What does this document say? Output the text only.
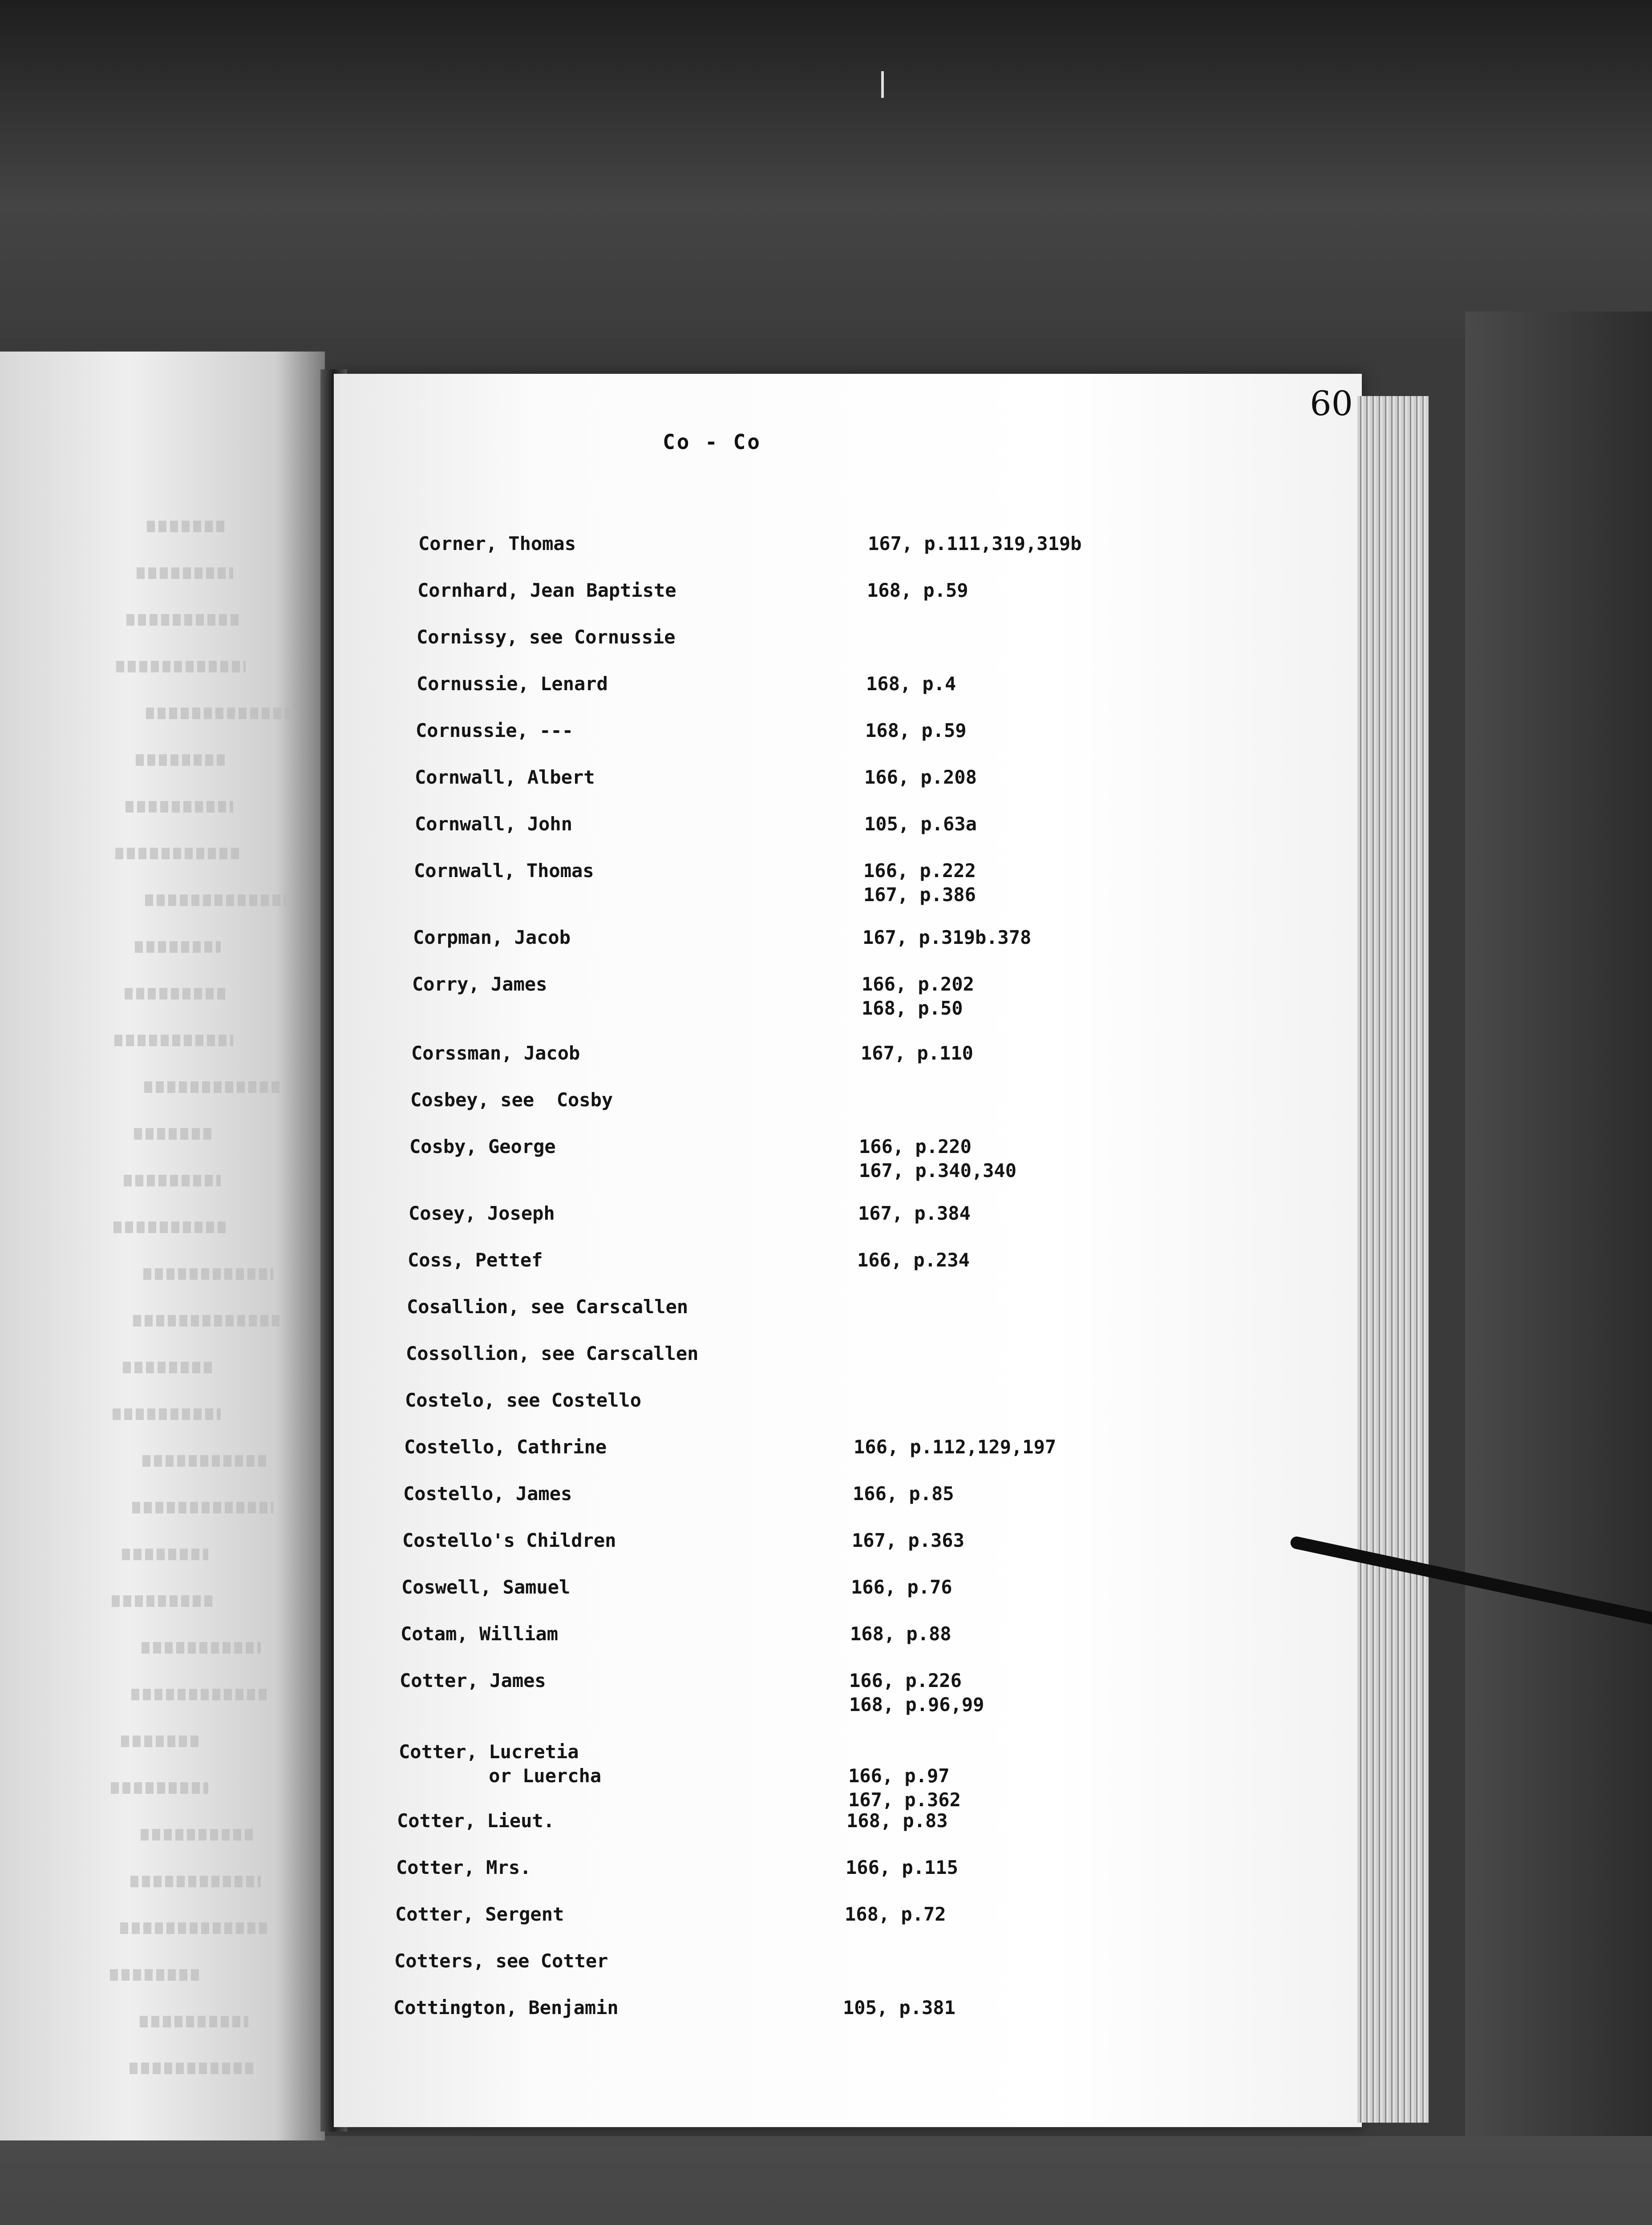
60
Co - Co
Corner, Thomas	167, p.111,319,319b
Cornhard, Jean Baptiste	168, p.59
Cornissy, see Cornussie
Cornussie, Lenard	168, p.4
Cornussie, ---	168, p.59
Cornwall, Albert	166, p.208
Cornwall, John	105, p.63a
Cornwall, Thomas	166, p.222
167, p.386
Corpman, Jacob	167, p.319b.378
Corry, James	166, p.202
168, p.50
Corssman, Jacob	167, p.110
Cosbey, see  Cosby
Cosby, George	166, p.220
167, p.340,340
Cosey, Joseph	167, p.384
Coss, Pettef	166, p.234
Cosallion, see Carscallen
Cossollion, see Carscallen
Costelo, see Costello
Costello, Cathrine	166, p.112,129,197
Costello, James	166, p.85
Costello's Children	167, p.363
Coswell, Samuel	166, p.76
Cotam, William	168, p.88
Cotter, James	166, p.226
168, p.96,99
Cotter, Lucretia
or Luercha
	166, p.97
167, p.362
Cotter, Lieut.	168, p.83
Cotter, Mrs.	166, p.115
Cotter, Sergent	168, p.72
Cotters, see Cotter
Cottington, Benjamin	105, p.381
